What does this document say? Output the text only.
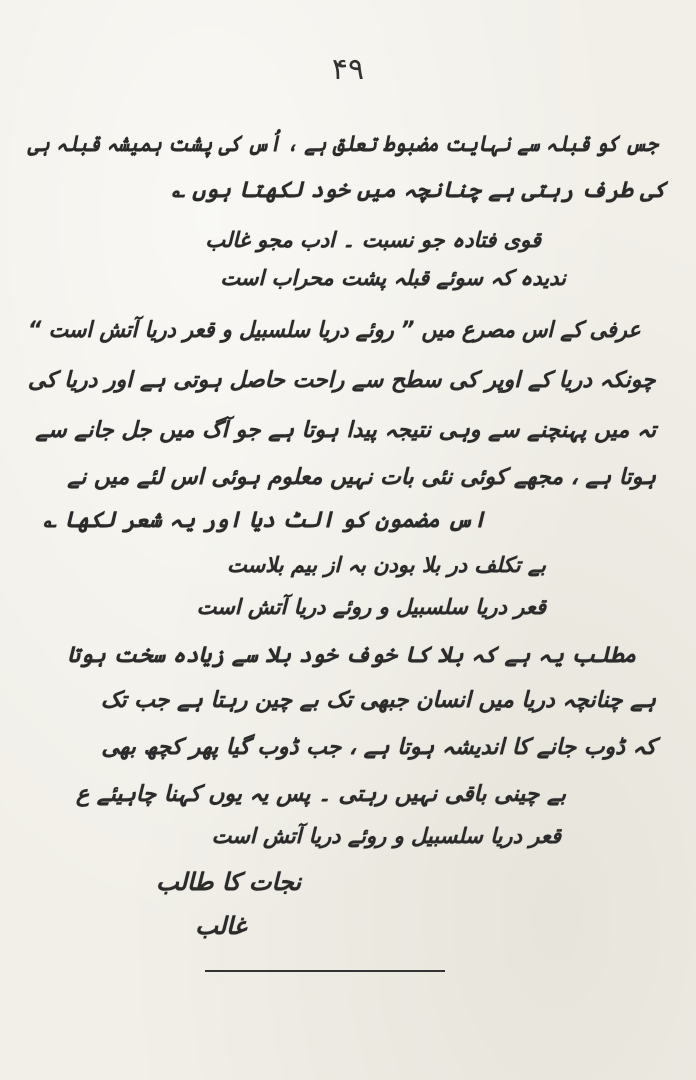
۴۹
جس کو قبلہ سے نہایت مضبوط تعلق ہے ، اُس کی پشت ہمیشہ قبلہ ہی
کی طرف رہتی ہے چنانچہ میں خود لکھتا ہوں ؎
قوی فتادہ جو نسبت ۔ ادب مجو غالب
ندیدہ کہ سوئے قبلہ پشت محراب است
عرفی کے اس مصرع میں ” روئے دریا سلسبیل و قعر دریا آتش است “
چونکہ دریا کے اوپر کی سطح سے راحت حاصل ہوتی ہے اور دریا کی
تہ میں پہنچنے سے وہی نتیجہ پیدا ہوتا ہے جو آگ میں جل جانے سے
ہوتا ہے ، مجھے کوئی نئی بات نہیں معلوم ہوئی اس لئے میں نے
اس مضمون کو الٹ دیا اور یہ شعر لکھا ؎
بے تکلف در بلا بودن بہ از بیم بلاست
قعر دریا سلسبیل و روئے دریا آتش است
مطلب یہ ہے کہ بلا کا خوف خود بلا سے زیادہ سخت ہوتا
ہے چنانچہ دریا میں انسان جبھی تک بے چین رہتا ہے جب تک
کہ ڈوب جانے کا اندیشہ ہوتا ہے ، جب ڈوب گیا پھر کچھ بھی
بے چینی باقی نہیں رہتی ۔ پس یہ یوں کہنا چاہیئے ع
قعر دریا سلسبیل و روئے دریا آتش است
نجات کا طالب
غالب
